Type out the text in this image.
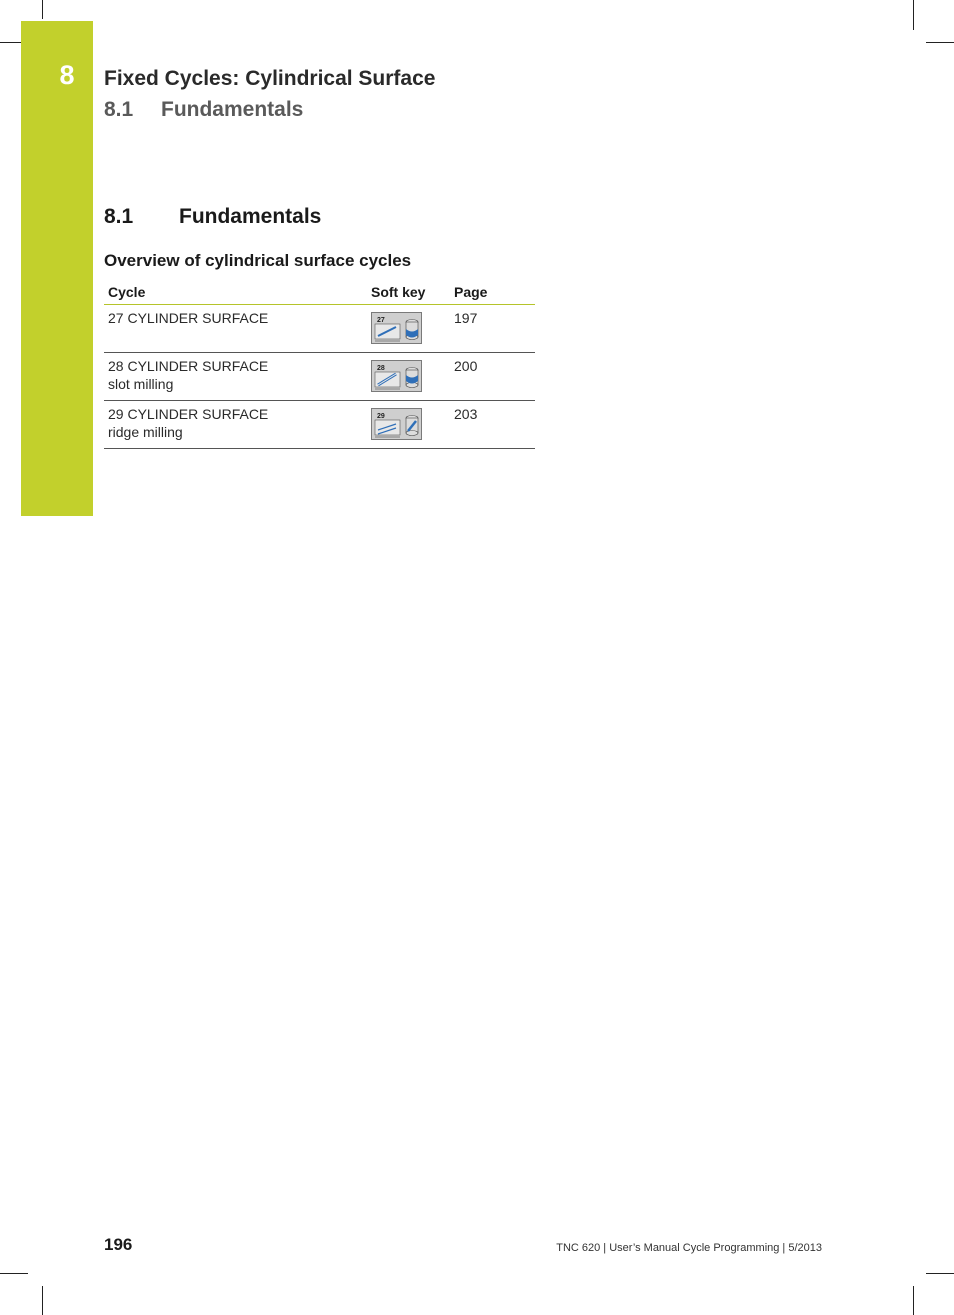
8	Fixed Cycles: Cylindrical Surface
8.1 Fundamentals
8.1 Fundamentals
Overview of cylindrical surface cycles
Cycle	Soft key	Page

27 CYLINDER SURFACE	27	197

28 CYLINDER SURFACE
slot milling	28	200

29 CYLINDER SURFACE
ridge milling	29	203
196	TNC 620 | User’s Manual Cycle Programming | 5/2013
